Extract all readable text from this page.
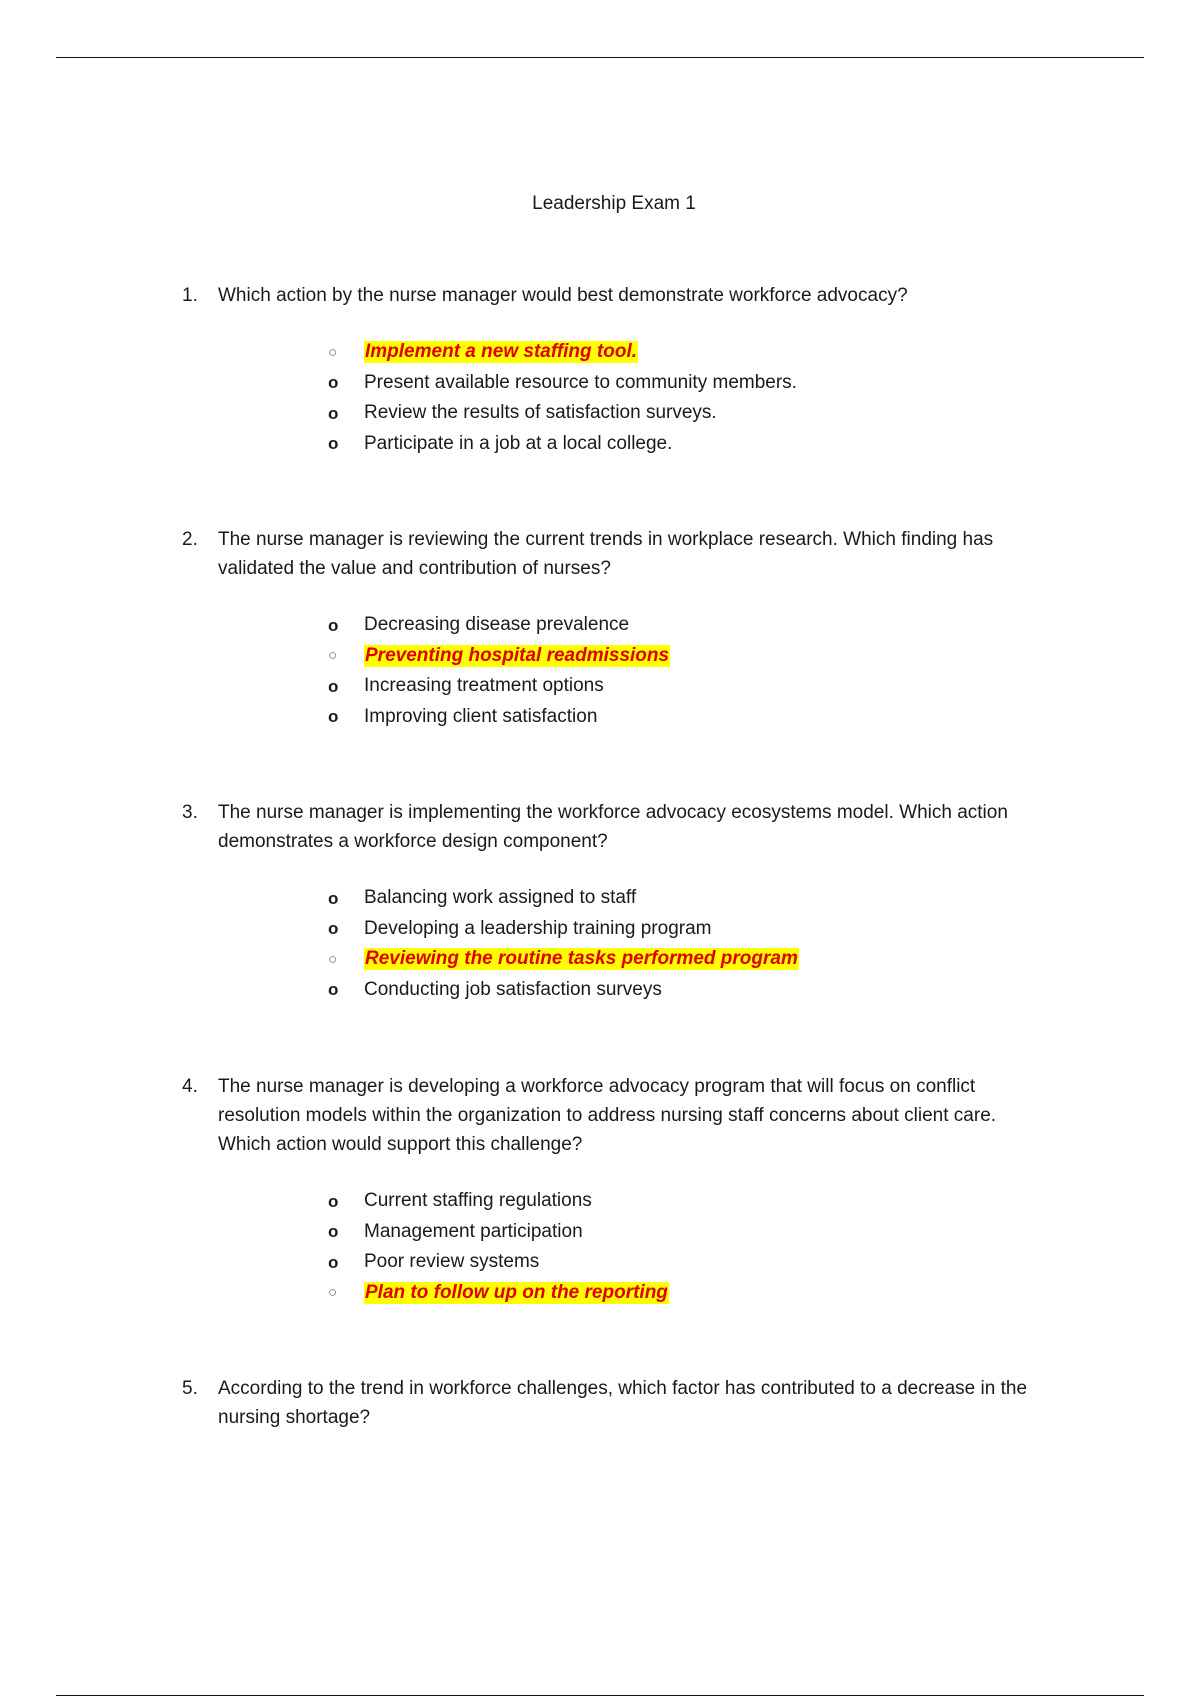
Leadership Exam 1
1.	Which action by the nurse manager would best demonstrate workforce advocacy?
○	Implement a new staffing tool.
o	Present available resource to community members.
o	Review the results of satisfaction surveys.
o	Participate in a job at a local college.
2.	The nurse manager is reviewing the current trends in workplace research. Which finding has validated the value and contribution of nurses?
o	Decreasing disease prevalence
○	Preventing hospital readmissions
o	Increasing treatment options
o	Improving client satisfaction
3.	The nurse manager is implementing the workforce advocacy ecosystems model. Which action demonstrates a workforce design component?
o	Balancing work assigned to staff
o	Developing a leadership training program
○	Reviewing the routine tasks performed program
o	Conducting job satisfaction surveys
4.	The nurse manager is developing a workforce advocacy program that will focus on conflict resolution models within the organization to address nursing staff concerns about client care. Which action would support this challenge?
o	Current staffing regulations
o	Management participation
o	Poor review systems
○	Plan to follow up on the reporting
5.	According to the trend in workforce challenges, which factor has contributed to a decrease in the nursing shortage?
